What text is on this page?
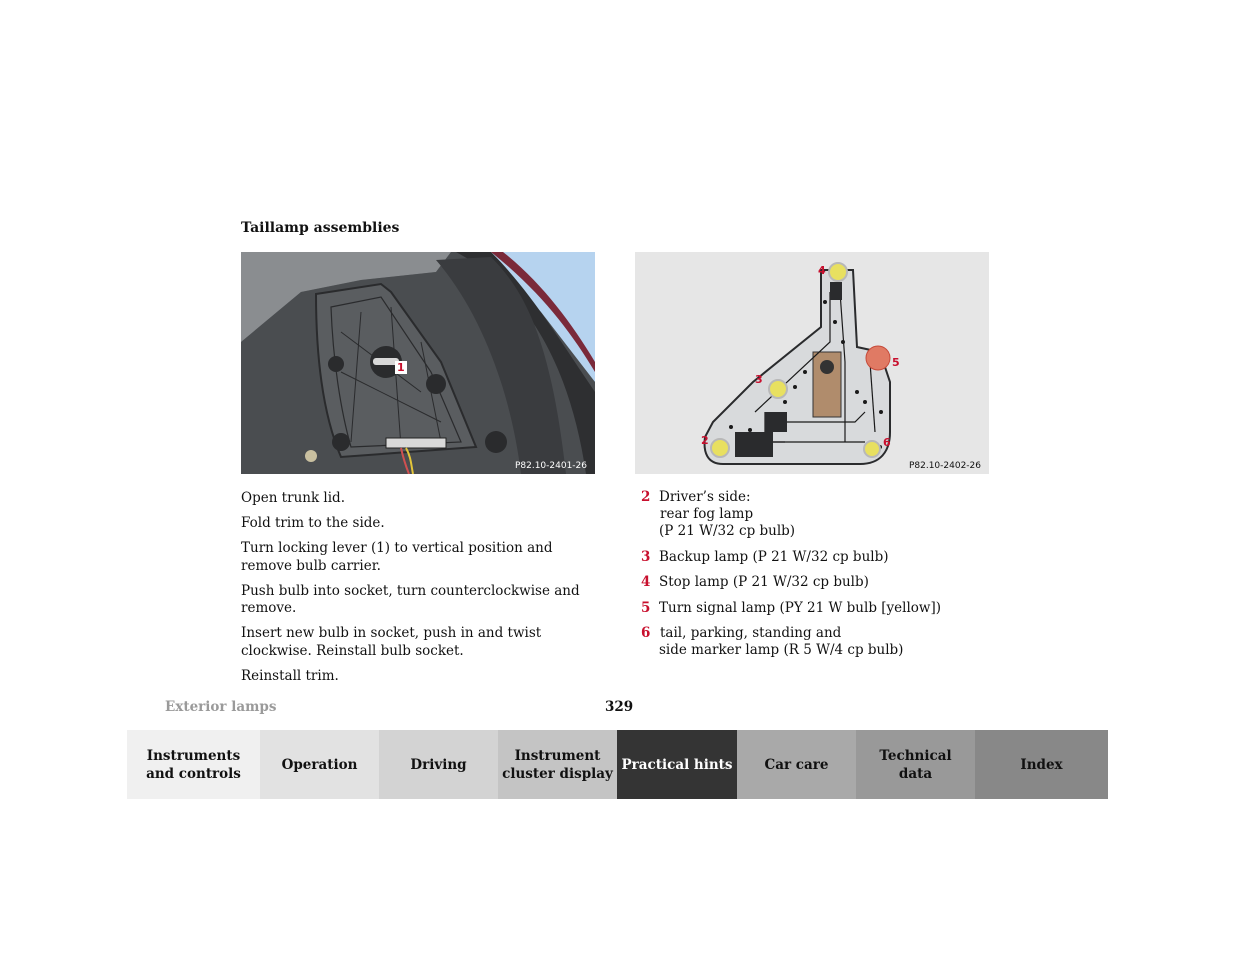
Taillamp assemblies
1
P82.10-2401-26
4
5
3
2	6
P82.10-2402-26

Open trunk lid.

Fold trim to the side.

Turn locking lever (1) to vertical position and remove bulb carrier.

Push bulb into socket, turn counterclockwise and remove.

Insert new bulb in socket, push in and twist clockwise. Reinstall bulb socket.

Reinstall trim.

2 Driver’s side:
rear fog lamp
(P 21 W/32 cp bulb)
3 Backup lamp (P 21 W/32 cp bulb)
4 Stop lamp (P 21 W/32 cp bulb)
5 Turn signal lamp (PY 21 W bulb [yellow])
6 tail, parking, standing and
side marker lamp (R 5 W/4 cp bulb)
Exterior lamps	329
Instruments
and controls
Operation	Driving
Instrument
cluster display
Practical hints Car care
Technical
data
Index
